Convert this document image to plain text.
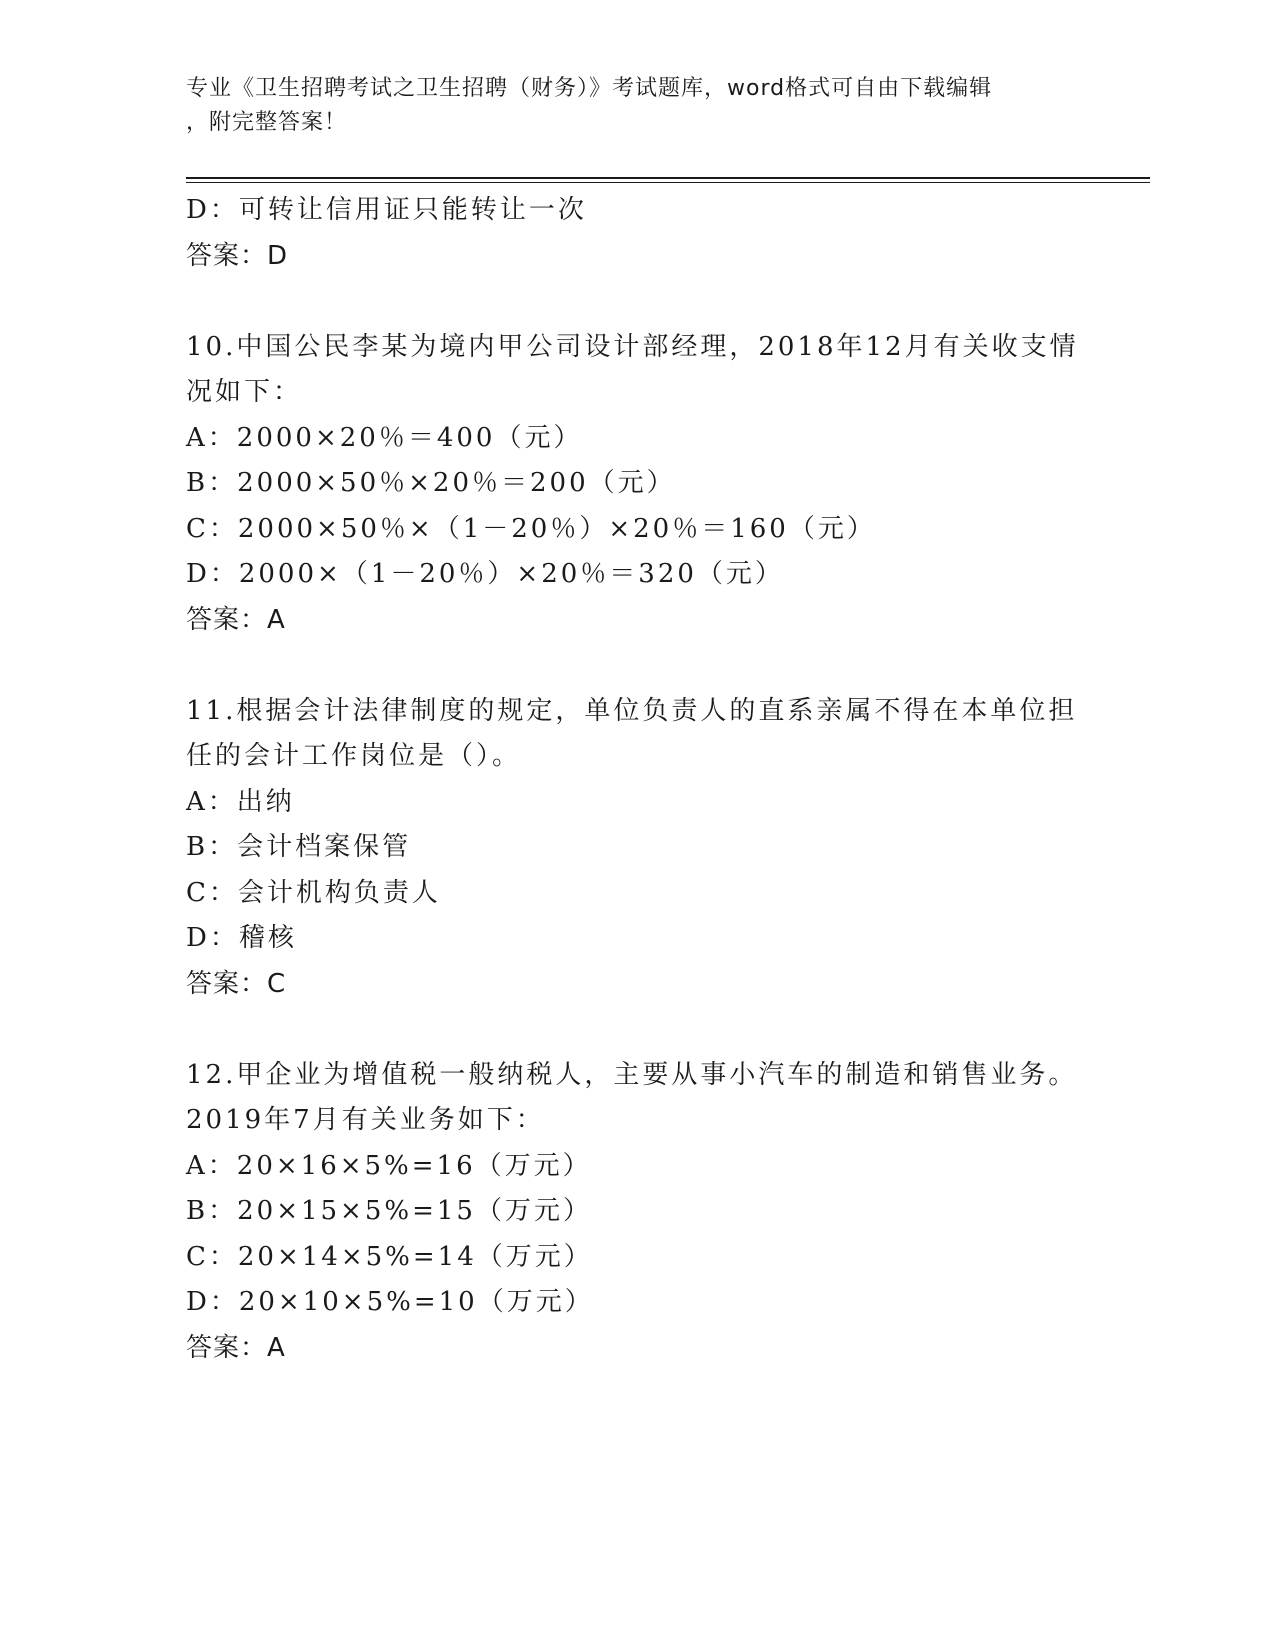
专业《卫生招聘考试之卫生招聘（财务）》考试题库，word格式可自由下载编辑
，附完整答案！
D：可转让信用证只能转让一次
答案：D
10.中国公民李某为境内甲公司设计部经理，2018年12月有关收支情
况如下：
A：2000×20％＝400（元）
B：2000×50％×20％＝200（元）
C：2000×50％×（1－20％）×20％＝160（元）
D：2000×（1－20％）×20％＝320（元）
答案：A
11.根据会计法律制度的规定，单位负责人的直系亲属不得在本单位担
任的会计工作岗位是（）。
A：出纳
B：会计档案保管
C：会计机构负责人
D：稽核
答案：C
12.甲企业为增值税一般纳税人，主要从事小汽车的制造和销售业务。
2019年7月有关业务如下：
A：20×16×5%=16（万元）
B：20×15×5%=15（万元）
C：20×14×5%=14（万元）
D：20×10×5%=10（万元）
答案：A
